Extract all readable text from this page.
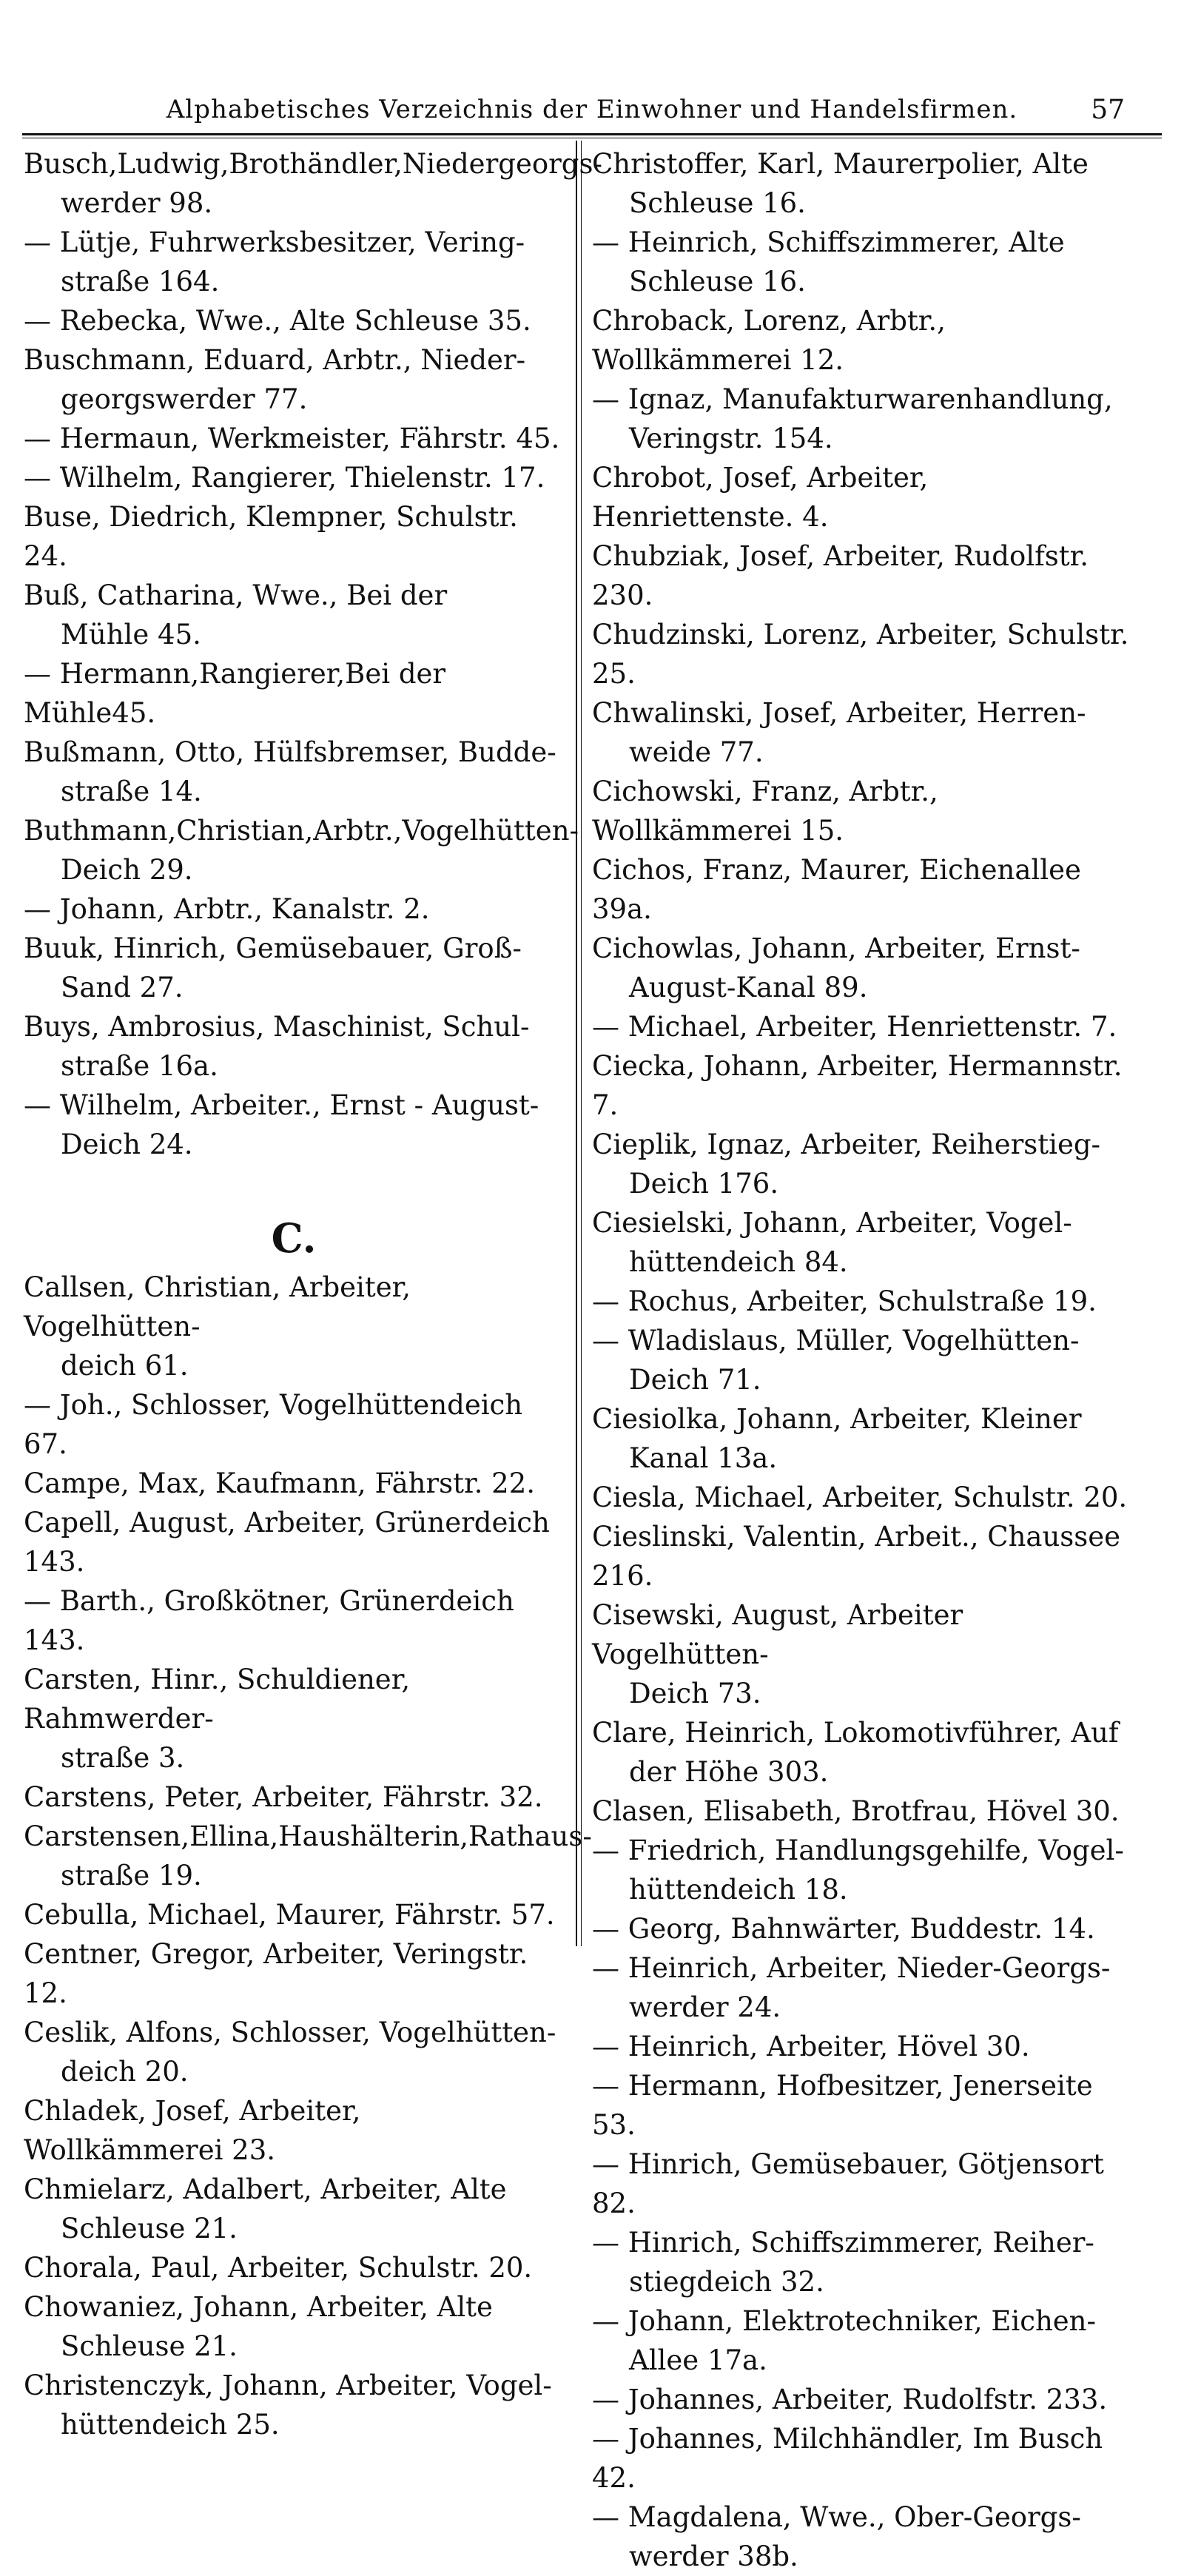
Alphabetisches Verzeichnis der Einwohner und Handelsfirmen.	57
Busch,Ludwig,Brothändler,Niedergeorgs-
werder 98.
— Lütje, Fuhrwerksbesitzer, Vering-
straße 164.
— Rebecka, Wwe., Alte Schleuse 35.
Buschmann, Eduard, Arbtr., Nieder-
georgswerder 77.
— Hermaun, Werkmeister, Fährstr. 45.
— Wilhelm, Rangierer, Thielenstr. 17.
Buse, Diedrich, Klempner, Schulstr. 24.
Buß, Catharina, Wwe., Bei der
Mühle 45.
— Hermann,Rangierer,Bei der Mühle45.
Bußmann, Otto, Hülfsbremser, Budde-
straße 14.
Buthmann,Christian,Arbtr.,Vogelhütten-
Deich 29.
— Johann, Arbtr., Kanalstr. 2.
Buuk, Hinrich, Gemüsebauer, Groß-
Sand 27.
Buys, Ambrosius, Maschinist, Schul-
straße 16a.
— Wilhelm, Arbeiter., Ernst - August-
Deich 24.
C.
Callsen, Christian, Arbeiter, Vogelhütten-
deich 61.
— Joh., Schlosser, Vogelhüttendeich 67.
Campe, Max, Kaufmann, Fährstr. 22.
Capell, August, Arbeiter, Grünerdeich 143.
— Barth., Großkötner, Grünerdeich 143.
Carsten, Hinr., Schuldiener, Rahmwerder-
straße 3.
Carstens, Peter, Arbeiter, Fährstr. 32.
Carstensen,Ellina,Haushälterin,Rathaus-
straße 19.
Cebulla, Michael, Maurer, Fährstr. 57.
Centner, Gregor, Arbeiter, Veringstr. 12.
Ceslik, Alfons, Schlosser, Vogelhütten-
deich 20.
Chladek, Josef, Arbeiter, Wollkämmerei 23.
Chmielarz, Adalbert, Arbeiter, Alte
Schleuse 21.
Chorala, Paul, Arbeiter, Schulstr. 20.
Chowaniez, Johann, Arbeiter, Alte
Schleuse 21.
Christenczyk, Johann, Arbeiter, Vogel-
hüttendeich 25.
Christoffer, Karl, Maurerpolier, Alte
Schleuse 16.
— Heinrich, Schiffszimmerer, Alte
Schleuse 16.
Chroback, Lorenz, Arbtr., Wollkämmerei 12.
— Ignaz, Manufakturwarenhandlung,
Veringstr. 154.
Chrobot, Josef, Arbeiter, Henriettenste. 4.
Chubziak, Josef, Arbeiter, Rudolfstr. 230.
Chudzinski, Lorenz, Arbeiter, Schulstr. 25.
Chwalinski, Josef, Arbeiter, Herren-
weide 77.
Cichowski, Franz, Arbtr., Wollkämmerei 15.
Cichos, Franz, Maurer, Eichenallee 39a.
Cichowlas, Johann, Arbeiter, Ernst-
August-Kanal 89.
— Michael, Arbeiter, Henriettenstr. 7.
Ciecka, Johann, Arbeiter, Hermannstr. 7.
Cieplik, Ignaz, Arbeiter, Reiherstieg-
Deich 176.
Ciesielski, Johann, Arbeiter, Vogel-
hüttendeich 84.
— Rochus, Arbeiter, Schulstraße 19.
— Wladislaus, Müller, Vogelhütten-
Deich 71.
Ciesiolka, Johann, Arbeiter, Kleiner
Kanal 13a.
Ciesla, Michael, Arbeiter, Schulstr. 20.
Cieslinski, Valentin, Arbeit., Chaussee 216.
Cisewski, August, Arbeiter Vogelhütten-
Deich 73.
Clare, Heinrich, Lokomotivführer, Auf
der Höhe 303.
Clasen, Elisabeth, Brotfrau, Hövel 30.
— Friedrich, Handlungsgehilfe, Vogel-
hüttendeich 18.
— Georg, Bahnwärter, Buddestr. 14.
— Heinrich, Arbeiter, Nieder-Georgs-
werder 24.
— Heinrich, Arbeiter, Hövel 30.
— Hermann, Hofbesitzer, Jenerseite 53.
— Hinrich, Gemüsebauer, Götjensort 82.
— Hinrich, Schiffszimmerer, Reiher-
stiegdeich 32.
— Johann, Elektrotechniker, Eichen-
Allee 17a.
— Johannes, Arbeiter, Rudolfstr. 233.
— Johannes, Milchhändler, Im Busch 42.
— Magdalena, Wwe., Ober-Georgs-
werder 38b.
